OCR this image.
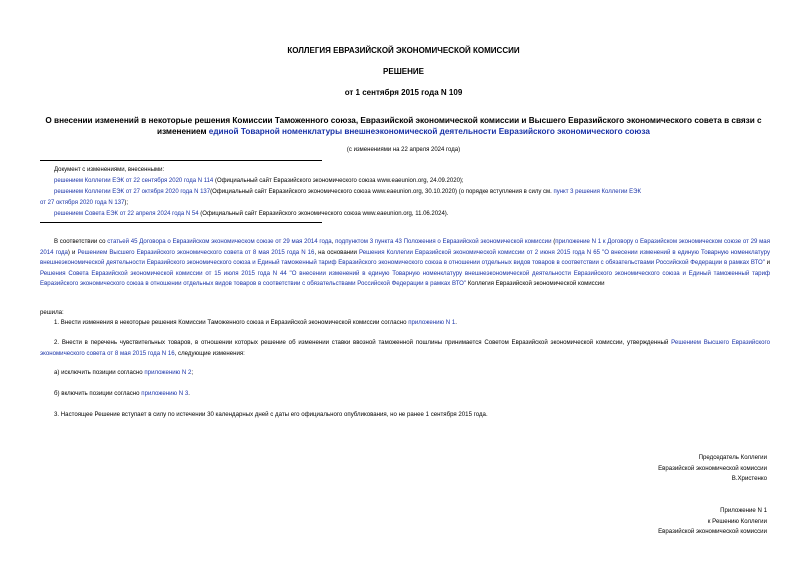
КОЛЛЕГИЯ ЕВРАЗИЙСКОЙ ЭКОНОМИЧЕСКОЙ КОМИССИИ
РЕШЕНИЕ
от 1 сентября 2015 года N 109
О внесении изменений в некоторые решения Комиссии Таможенного союза, Евразийской экономической комиссии и Высшего Евразийского экономического совета в связи с изменением единой Товарной номенклатуры внешнеэкономической деятельности Евразийского экономического союза
(с изменениями на 22 апреля 2024 года)
Документ с изменениями, внесенными:
решением Коллегии ЕЭК от 22 сентября 2020 года N 114 (Официальный сайт Евразийского экономического союза www.eaeunion.org, 24.09.2020);
решением Коллегии ЕЭК от 27 октября 2020 года N 137(Официальный сайт Евразийского экономического союза www.eaeunion.org, 30.10.2020) (о порядке вступления в силу см. пункт 3 решения Коллегии ЕЭК
от 27 октября 2020 года N 137);
решением Совета ЕЭК от 22 апреля 2024 года N 54 (Официальный сайт Евразийского экономического союза www.eaeunion.org, 11.06.2024).
В соответствии со статьей 45 Договора о Евразийском экономическом союзе от 29 мая 2014 года, подпунктом 3 пункта 43 Положения о Евразийской экономической комиссии (приложение N 1 к Договору о Евразийском экономическом союзе от 29 мая 2014 года) и Решением Высшего Евразийского экономического совета от 8 мая 2015 года N 16, на основании Решения Коллегии Евразийской экономической комиссии от 2 июня 2015 года N 65 "О внесении изменений в единую Товарную номенклатуру внешнеэкономической деятельности Евразийского экономического союза и Единый таможенный тариф Евразийского экономического союза в отношении отдельных видов товаров в соответствии с обязательствами Российской Федерации в рамках ВТО" и Решения Совета Евразийской экономической комиссии от 15 июля 2015 года N 44 "О внесении изменений в единую Товарную номенклатуру внешнеэкономической деятельности Евразийского экономического союза и Единый таможенный тариф Евразийского экономического союза в отношении отдельных видов товаров в соответствии с обязательствами Российской Федерации в рамках ВТО" Коллегия Евразийской экономической комиссии
решила:
1. Внести изменения в некоторые решения Комиссии Таможенного союза и Евразийской экономической комиссии согласно приложению N 1.
2. Внести в перечень чувствительных товаров, в отношении которых решение об изменении ставки ввозной таможенной пошлины принимается Советом Евразийской экономической комиссии, утвержденный Решением Высшего Евразийского экономического совета от 8 мая 2015 года N 16, следующие изменения:
а) исключить позиции согласно приложению N 2;
б) включить позиции согласно приложению N 3.
3. Настоящее Решение вступает в силу по истечении 30 календарных дней с даты его официального опубликования, но не ранее 1 сентября 2015 года.
Председатель Коллегии
Евразийской экономической комиссии
В.Христенко
Приложение N 1
к Решению Коллегии
Евразийской экономической комиссии
